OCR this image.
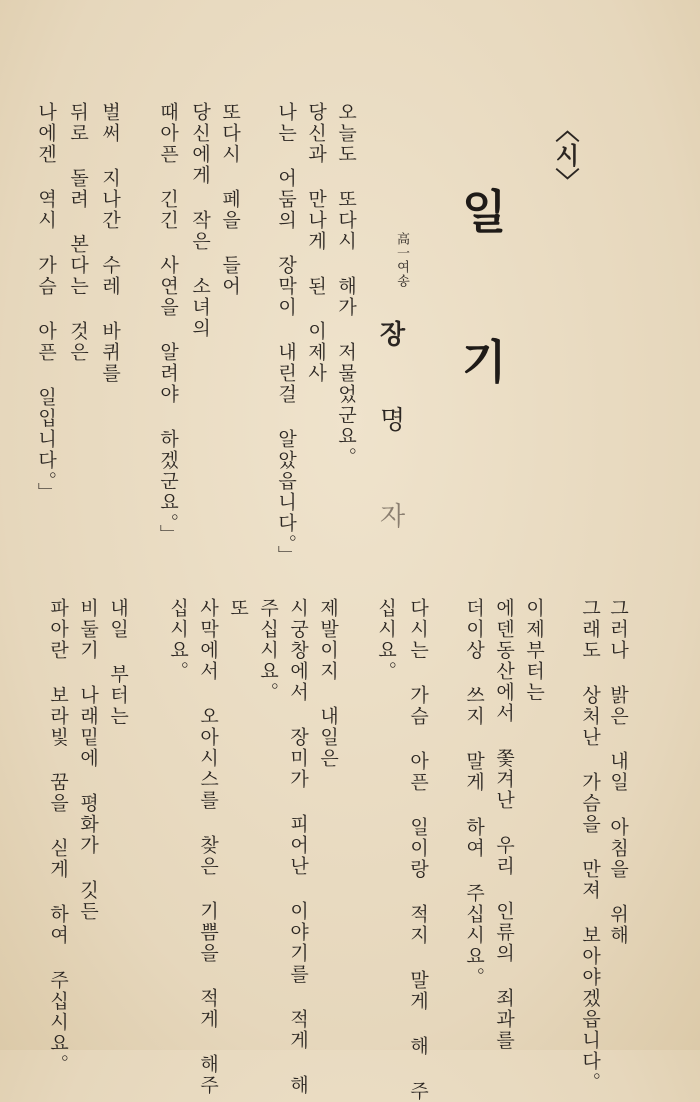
〈시〉
일
기
高一여송
장
명
자
오늘도 또다시 해가 저물었군요。
당신과 만나게 된 이제사
나는 어둠의 장막이 내린걸 알았읍니다。」
또다시 페을 들어
당신에게 작은 소녀의
때아픈 긴긴 사연을 알려야 하겠군요。」
벌써 지나간 수레 바퀴를
뒤로 돌려 본다는 것은
나에겐 역시 가슴 아픈 일입니다。」
그러나 밝은 내일 아침을 위해
그래도 상처난 가슴을 만져 보아야겠읍니다。
이제부터는
에덴동산에서 쫓겨난 우리 인류의 죄과를
더이상 쓰지 말게 하여 주십시요。
다시는 가슴 아픈 일이랑 적지 말게 해 주
십시요。
제발이지 내일은
시궁창에서 장미가 피어난 이야기를 적게 해
주십시요。
또
사막에서 오아시스를 찾은 기쁨을 적게 해주
십시요。
내일 부터는
비둘기 나래밑에 평화가 깃든
파아란 보라빛 꿈을 싣게 하여 주십시요。
